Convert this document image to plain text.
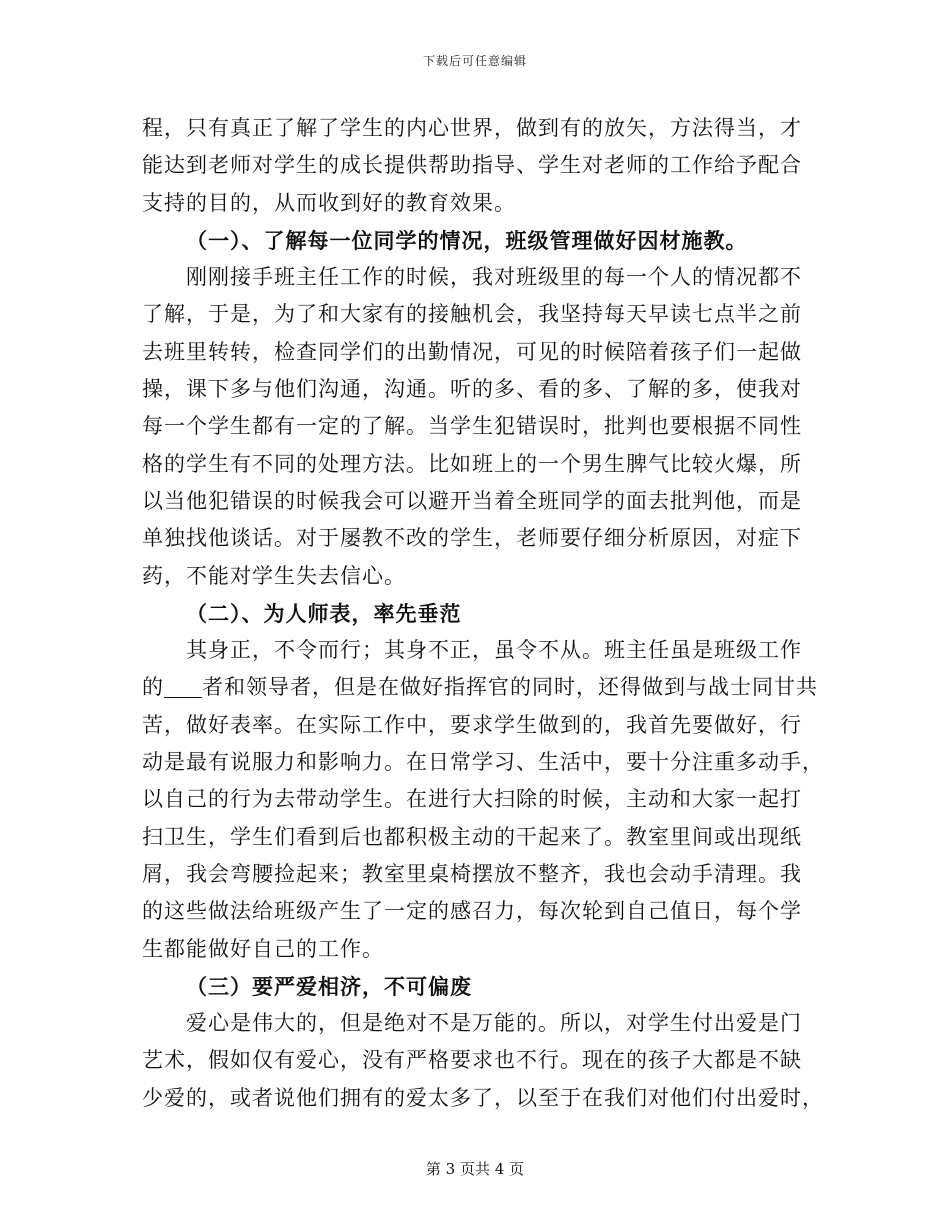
下载后可任意编辑
程，只有真正了解了学生的内心世界，做到有的放矢，方法得当，才
能达到老师对学生的成长提供帮助指导、学生对老师的工作给予配合
支持的目的，从而收到好的教育效果。
（一）、了解每一位同学的情况，班级管理做好因材施教。
刚刚接手班主任工作的时候，我对班级里的每一个人的情况都不
了解，于是，为了和大家有的接触机会，我坚持每天早读七点半之前
去班里转转，检查同学们的出勤情况，可见的时候陪着孩子们一起做
操，课下多与他们沟通，沟通。听的多、看的多、了解的多，使我对
每一个学生都有一定的了解。当学生犯错误时，批判也要根据不同性
格的学生有不同的处理方法。比如班上的一个男生脾气比较火爆，所
以当他犯错误的时候我会可以避开当着全班同学的面去批判他，而是
单独找他谈话。对于屡教不改的学生，老师要仔细分析原因，对症下
药，不能对学生失去信心。
（二）、为人师表，率先垂范
其身正，不令而行；其身不正，虽令不从。班主任虽是班级工作
的 者和领导者，但是在做好指挥官的同时，还得做到与战士同甘共
苦，做好表率。在实际工作中，要求学生做到的，我首先要做好，行
动是最有说服力和影响力。在日常学习、生活中，要十分注重多动手，
以自己的行为去带动学生。在进行大扫除的时候，主动和大家一起打
扫卫生，学生们看到后也都积极主动的干起来了。教室里间或出现纸
屑，我会弯腰捡起来；教室里桌椅摆放不整齐，我也会动手清理。我
的这些做法给班级产生了一定的感召力，每次轮到自己值日，每个学
生都能做好自己的工作。
（三）要严爱相济，不可偏废
爱心是伟大的，但是绝对不是万能的。所以，对学生付出爱是门
艺术，假如仅有爱心，没有严格要求也不行。现在的孩子大都是不缺
少爱的，或者说他们拥有的爱太多了，以至于在我们对他们付出爱时，
第 3 页共 4 页
